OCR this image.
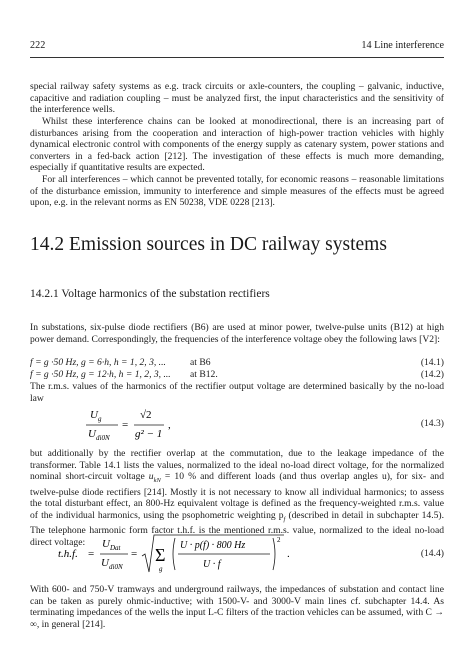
222	14 Line interference
special railway safety systems as e.g. track circuits or axle-counters, the coupling – galvanic, inductive, capacitive and radiation coupling – must be analyzed first, the input characteristics and the sensitivity of the interference wells.
Whilst these interference chains can be looked at monodirectional, there is an increasing part of disturbances arising from the cooperation and interaction of high-power traction vehicles with highly dynamical electronic control with components of the energy supply as catenary system, power stations and converters in a fed-back action [212]. The investigation of these effects is much more demanding, especially if quantitative results are expected.
For all interferences – which cannot be prevented totally, for economic reasons – reasonable limitations of the disturbance emission, immunity to interference and simple measures of the effects must be agreed upon, e.g. in the relevant norms as EN 50238, VDE 0228 [213].
14.2 Emission sources in DC railway systems
14.2.1 Voltage harmonics of the substation rectifiers
In substations, six-pulse diode rectifiers (B6) are used at minor power, twelve-pulse units (B12) at high power demand. Correspondingly, the frequencies of the interference voltage obey the following laws [V2]:
f = g ·50 Hz, g = 6·h, h = 1, 2, 3, ...	at B6	(14.1)
f = g ·50 Hz, g = 12·h, h = 1, 2, 3, ... at B12.	(14.2)
The r.m.s. values of the harmonics of the rectifier output voltage are determined basically by the no-load law
U g
U di0N
=
√2
g² − 1
,	(14.3)
but additionally by the rectifier overlap at the commutation, due to the leakage impedance of the transformer. Table 14.1 lists the values, normalized to the ideal no-load direct voltage, for the normalized nominal short-circuit voltage $u_{kN} = 10$ % and different loads (and thus overlap angles u), for six- and twelve-pulse diode rectifiers [214]. Mostly it is not necessary to know all individual harmonics; to assess the total disturbant effect, an 800-Hz equivalent voltage is defined as the frequency-weighted r.m.s. value of the individual harmonics, using the psophometric weighting $p_f$ (described in detail in subchapter 14.5). The telephone harmonic form factor t.h.f. is the mentioned r.m.s. value, normalized to the ideal no-load direct voltage:
t.h.f. =
U Dat
U di0N
= Σ
g
U · p(f) · 800 Hz
U · f
2
.	(14.4)
With 600- and 750-V tramways and underground railways, the impedances of substation and contact line can be taken as purely ohmic-inductive; with 1500-V- and 3000-V main lines cf. subchapter 14.4. As terminating impedances of the wells the input L-C filters of the traction vehicles can be assumed, with C → ∞, in general [214].
